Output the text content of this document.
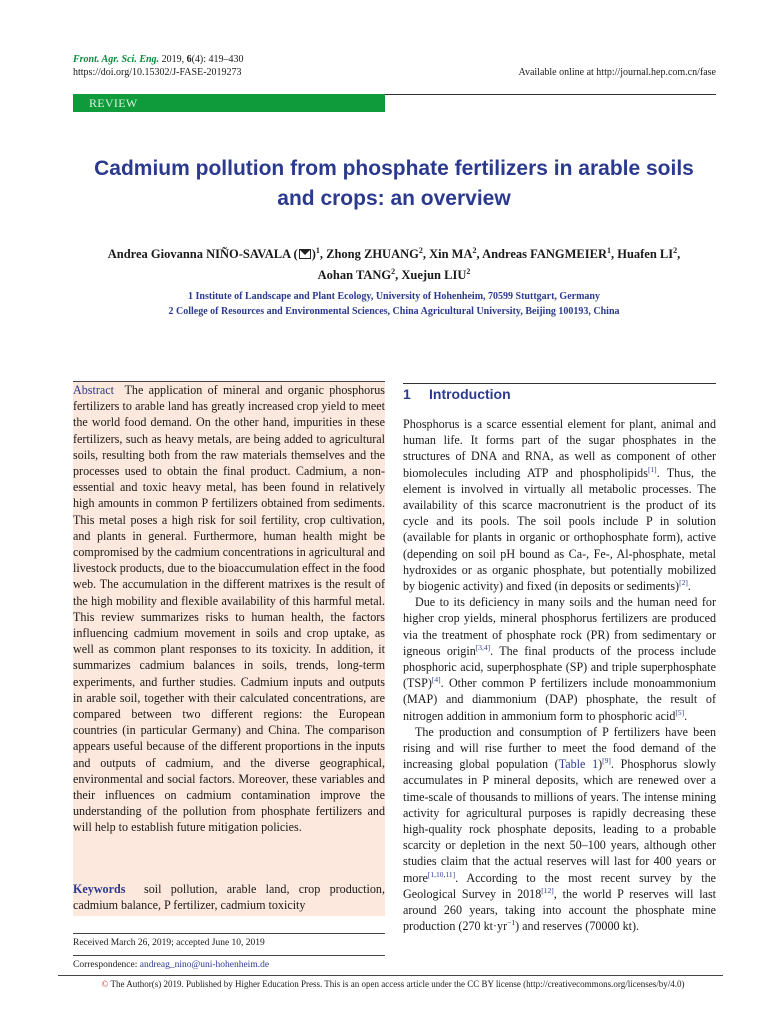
Front. Agr. Sci. Eng. 2019, 6(4): 419–430
https://doi.org/10.15302/J-FASE-2019273	Available online at http://journal.hep.com.cn/fase
REVIEW
Cadmium pollution from phosphate fertilizers in arable soils
and crops: an overview
Andrea Giovanna NIÑO-SAVALA ( )$^1$, Zhong ZHUANG$^2$, Xin $MA^2$, Andreas FANGMEIER$^1$, Huafen $LI^2$,
Aohan TANG$^2$, Xuejun LIU$^2$
1 Institute of Landscape and Plant Ecology, University of Hohenheim, 70599 Stuttgart, Germany
2 College of Resources and Environmental Sciences, China Agricultural University, Beijing 100193, China
Abstract The application of mineral and organic phosphorus fertilizers to arable land has greatly increased crop yield to meet the world food demand. On the other hand, impurities in these fertilizers, such as heavy metals, are being added to agricultural soils, resulting both from the raw materials themselves and the processes used to obtain the final product. Cadmium, a non-essential and toxic heavy metal, has been found in relatively high amounts in common P fertilizers obtained from sediments. This metal poses a high risk for soil fertility, crop cultivation, and plants in general. Furthermore, human health might be compromised by the cadmium concentrations in agricultural and livestock products, due to the bioaccumulation effect in the food web. The accumulation in the different matrixes is the result of the high mobility and flexible availability of this harmful metal. This review summarizes risks to human health, the factors influencing cadmium movement in soils and crop uptake, as well as common plant responses to its toxicity. In addition, it summarizes cadmium balances in soils, trends, long-term experiments, and further studies. Cadmium inputs and outputs in arable soil, together with their calculated concentrations, are compared between two different regions: the European countries (in particular Germany) and China. The comparison appears useful because of the different proportions in the inputs and outputs of cadmium, and the diverse geographical, environmental and social factors. Moreover, these variables and their influences on cadmium contamination improve the understanding of the pollution from phosphate fertilizers and will help to establish future mitigation policies.
Keywords soil pollution, arable land, crop production, cadmium balance, P fertilizer, cadmium toxicity
Received March 26, 2019; accepted June 10, 2019
Correspondence: andreag_nino@uni-hohenheim.de
1 Introduction

Phosphorus is a scarce essential element for plant, animal and human life. It forms part of the sugar phosphates in the structures of DNA and RNA, as well as component of other biomolecules including ATP and phospholipids[1]. Thus, the element is involved in virtually all metabolic processes. The availability of this scarce macronutrient is the product of its cycle and its pools. The soil pools include P in solution (available for plants in organic or orthophosphate form), active (depending on soil pH bound as Ca-, Fe-, Al-phosphate, metal hydroxides or as organic phosphate, but potentially mobilized by biogenic activity) and fixed (in deposits or sediments)[2].

Due to its deficiency in many soils and the human need for higher crop yields, mineral phosphorus fertilizers are produced via the treatment of phosphate rock (PR) from sedimentary or igneous origin[3,4]. The final products of the process include phosphoric acid, superphosphate (SP) and triple superphosphate (TSP)[4]. Other common P fertilizers include monoammonium (MAP) and diammonium (DAP) phosphate, the result of nitrogen addition in ammonium form to phosphoric acid[5].

The production and consumption of P fertilizers have been rising and will rise further to meet the food demand of the increasing global population (Table 1)[9]. Phosphorus slowly accumulates in P mineral deposits, which are renewed over a time-scale of thousands to millions of years. The intense mining activity for agricultural purposes is rapidly decreasing these high-quality rock phosphate deposits, leading to a probable scarcity or depletion in the next 50–100 years, although other studies claim that the actual reserves will last for 400 years or more[1,10,11]. According to the most recent survey by the Geological Survey in 2018[12], the world P reserves will last around 260 years, taking into account the phosphate mine production (270 $kt\cdot yr^{-1}$) and reserves (70000 kt).

© The Author(s) 2019. Published by Higher Education Press. This is an open access article under the CC BY license (http://creativecommons.org/licenses/by/4.0)
